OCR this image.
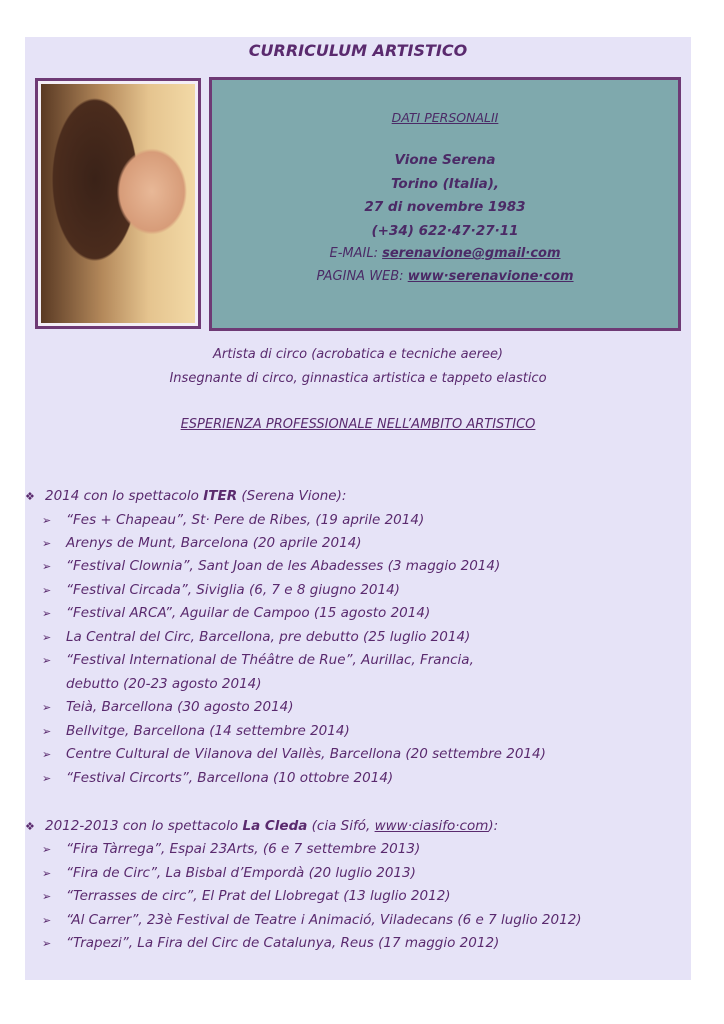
CURRICULUM ARTISTICO
DATI PERSONALII
Vione Serena
Torino (Italia),
27 di novembre 1983
(+34) 622·47·27·11
E-MAIL: serenavione@gmail·com
PAGINA WEB: www·serenavione·com
Artista di circo (acrobatica e tecniche aeree)
Insegnante di circo, ginnastica artistica e tappeto elastico
ESPERIENZA PROFESSIONALE NELL’AMBITO ARTISTICO
❖ 2014 con lo spettacolo ITER (Serena Vione):
➢ “Fes + Chapeau”, St· Pere de Ribes, (19 aprile 2014)
➢ Arenys de Munt, Barcelona (20 aprile 2014)
➢ “Festival Clownia”, Sant Joan de les Abadesses (3 maggio 2014)
➢ “Festival Circada”, Siviglia (6, 7 e 8 giugno 2014)
➢ “Festival ARCA”, Aguilar de Campoo (15 agosto 2014)
➢ La Central del Circ, Barcellona, pre debutto (25 luglio 2014)
➢ “Festival International de Théâtre de Rue”, Aurillac, Francia,
debutto (20-23 agosto 2014)
➢ Teià, Barcellona (30 agosto 2014)
➢ Bellvitge, Barcellona (14 settembre 2014)
➢ Centre Cultural de Vilanova del Vallès, Barcellona (20 settembre 2014)
➢ “Festival Circorts”, Barcellona (10 ottobre 2014)
❖ 2012-2013 con lo spettacolo La Cleda (cia Sifó, www·ciasifo·com):
➢ “Fira Tàrrega”, Espai 23Arts, (6 e 7 settembre 2013)
➢ “Fira de Circ”, La Bisbal d’Empordà (20 luglio 2013)
➢ “Terrasses de circ”, El Prat del Llobregat (13 luglio 2012)
➢ “Al Carrer”, 23è Festival de Teatre i Animació, Viladecans (6 e 7 luglio 2012)
➢ “Trapezi”, La Fira del Circ de Catalunya, Reus (17 maggio 2012)
